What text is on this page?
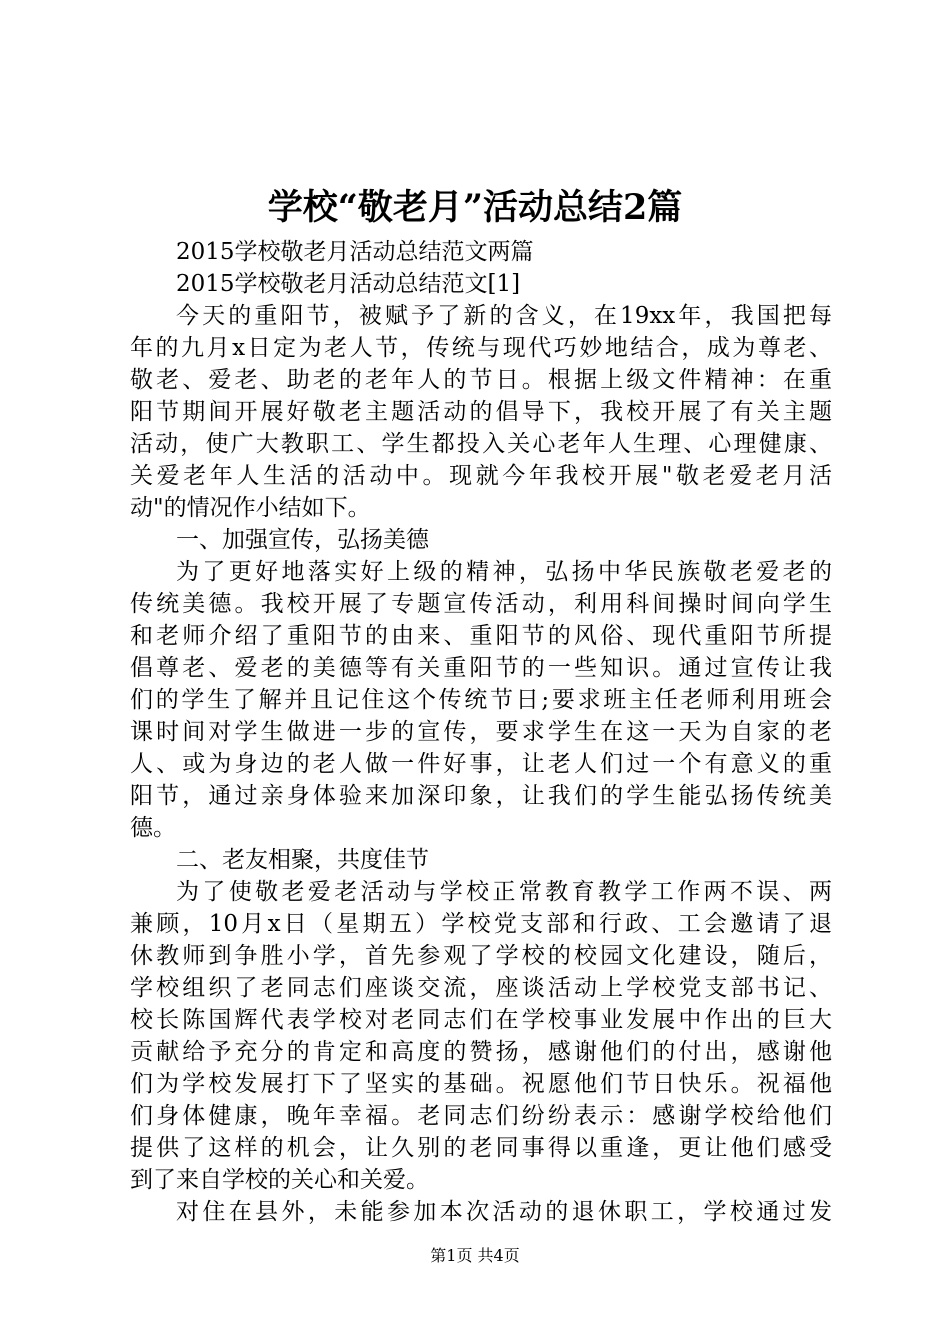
学校“敬老月”活动总结2篇
2015学校敬老月活动总结范文两篇
2015学校敬老月活动总结范文[1]
今天的重阳节，被赋予了新的含义，在19xx年，我国把每
年的九月x日定为老人节，传统与现代巧妙地结合，成为尊老、
敬老、爱老、助老的老年人的节日。根据上级文件精神：在重
阳节期间开展好敬老主题活动的倡导下，我校开展了有关主题
活动，使广大教职工、学生都投入关心老年人生理、心理健康、
关爱老年人生活的活动中。现就今年我校开展"敬老爱老月活
动"的情况作小结如下。
一、加强宣传，弘扬美德
为了更好地落实好上级的精神，弘扬中华民族敬老爱老的
传统美德。我校开展了专题宣传活动，利用科间操时间向学生
和老师介绍了重阳节的由来、重阳节的风俗、现代重阳节所提
倡尊老、爱老的美德等有关重阳节的一些知识。通过宣传让我
们的学生了解并且记住这个传统节日;要求班主任老师利用班会
课时间对学生做进一步的宣传，要求学生在这一天为自家的老
人、或为身边的老人做一件好事，让老人们过一个有意义的重
阳节，通过亲身体验来加深印象，让我们的学生能弘扬传统美
德。
二、老友相聚，共度佳节
为了使敬老爱老活动与学校正常教育教学工作两不误、两
兼顾，10月x日（星期五）学校党支部和行政、工会邀请了退
休教师到争胜小学，首先参观了学校的校园文化建设，随后，
学校组织了老同志们座谈交流，座谈活动上学校党支部书记、
校长陈国辉代表学校对老同志们在学校事业发展中作出的巨大
贡献给予充分的肯定和高度的赞扬，感谢他们的付出，感谢他
们为学校发展打下了坚实的基础。祝愿他们节日快乐。祝福他
们身体健康，晚年幸福。老同志们纷纷表示：感谢学校给他们
提供了这样的机会，让久别的老同事得以重逢，更让他们感受
到了来自学校的关心和关爱。
对住在县外，未能参加本次活动的退休职工，学校通过发
第1页 共4页
